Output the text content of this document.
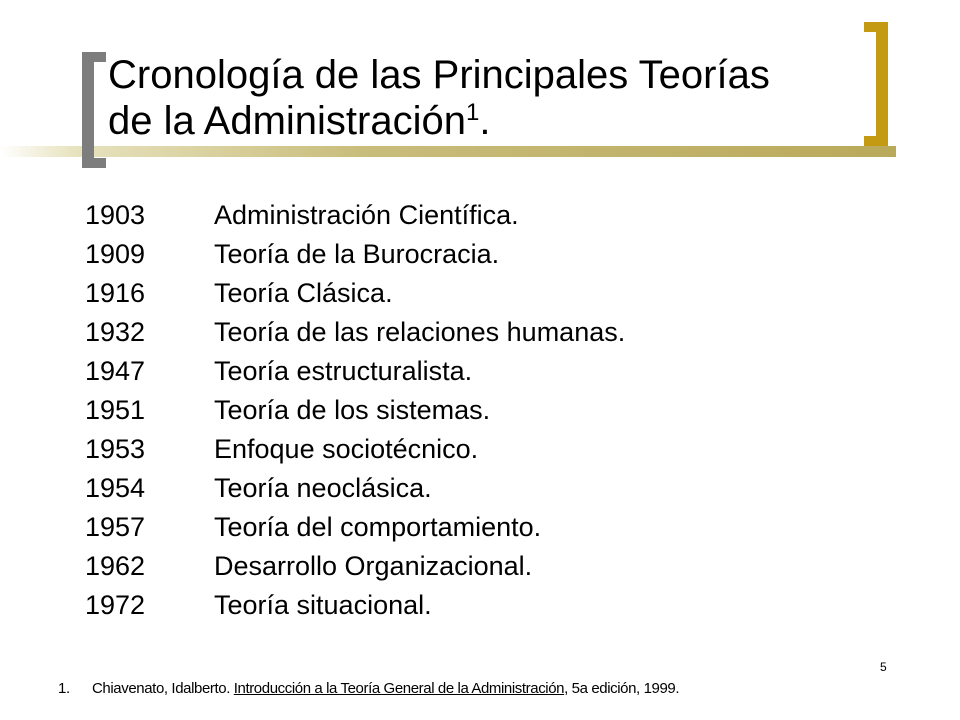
Cronología de las Principales Teorías
de la Administración$^1$.
1903	Administración Científica.
1909	Teoría de la Burocracia.
1916	Teoría Clásica.
1932	Teoría de las relaciones humanas.
1947	Teoría estructuralista.
1951	Teoría de los sistemas.
1953	Enfoque sociotécnico.
1954	Teoría neoclásica.
1957	Teoría del comportamiento.
1962	Desarrollo Organizacional.
1972	Teoría situacional.
5
1. Chiavenato, Idalberto. Introducción a la Teoría General de la Administración, 5a edición, 1999.
